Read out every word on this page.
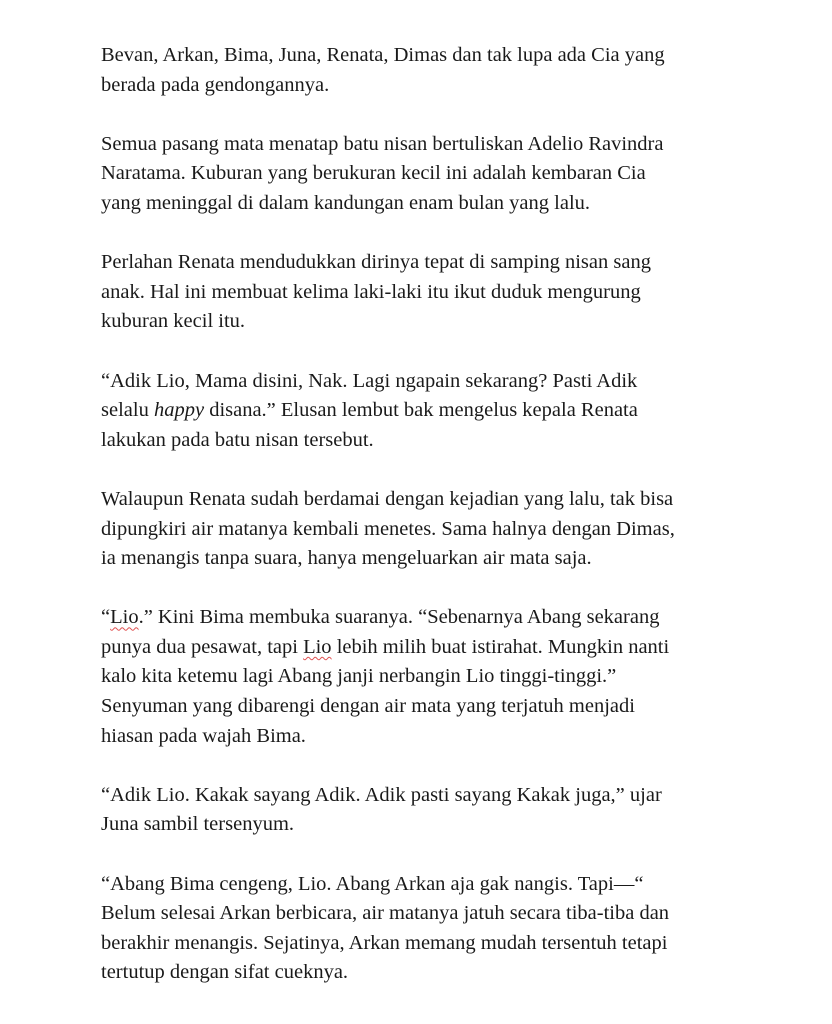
Bevan, Arkan, Bima, Juna, Renata, Dimas dan tak lupa ada Cia yang
berada pada gendongannya.

Semua pasang mata menatap batu nisan bertuliskan Adelio Ravindra
Naratama. Kuburan yang berukuran kecil ini adalah kembaran Cia
yang meninggal di dalam kandungan enam bulan yang lalu.

Perlahan Renata mendudukkan dirinya tepat di samping nisan sang
anak. Hal ini membuat kelima laki-laki itu ikut duduk mengurung
kuburan kecil itu.

“Adik Lio, Mama disini, Nak. Lagi ngapain sekarang? Pasti Adik
selalu happy disana.” Elusan lembut bak mengelus kepala Renata
lakukan pada batu nisan tersebut.

Walaupun Renata sudah berdamai dengan kejadian yang lalu, tak bisa
dipungkiri air matanya kembali menetes. Sama halnya dengan Dimas,
ia menangis tanpa suara, hanya mengeluarkan air mata saja.

“Lio.” Kini Bima membuka suaranya. “Sebenarnya Abang sekarang
punya dua pesawat, tapi Lio lebih milih buat istirahat. Mungkin nanti
kalo kita ketemu lagi Abang janji nerbangin Lio tinggi-tinggi.”
Senyuman yang dibarengi dengan air mata yang terjatuh menjadi
hiasan pada wajah Bima.

“Adik Lio. Kakak sayang Adik. Adik pasti sayang Kakak juga,” ujar
Juna sambil tersenyum.

“Abang Bima cengeng, Lio. Abang Arkan aja gak nangis. Tapi—“
Belum selesai Arkan berbicara, air matanya jatuh secara tiba-tiba dan
berakhir menangis. Sejatinya, Arkan memang mudah tersentuh tetapi
tertutup dengan sifat cueknya.
